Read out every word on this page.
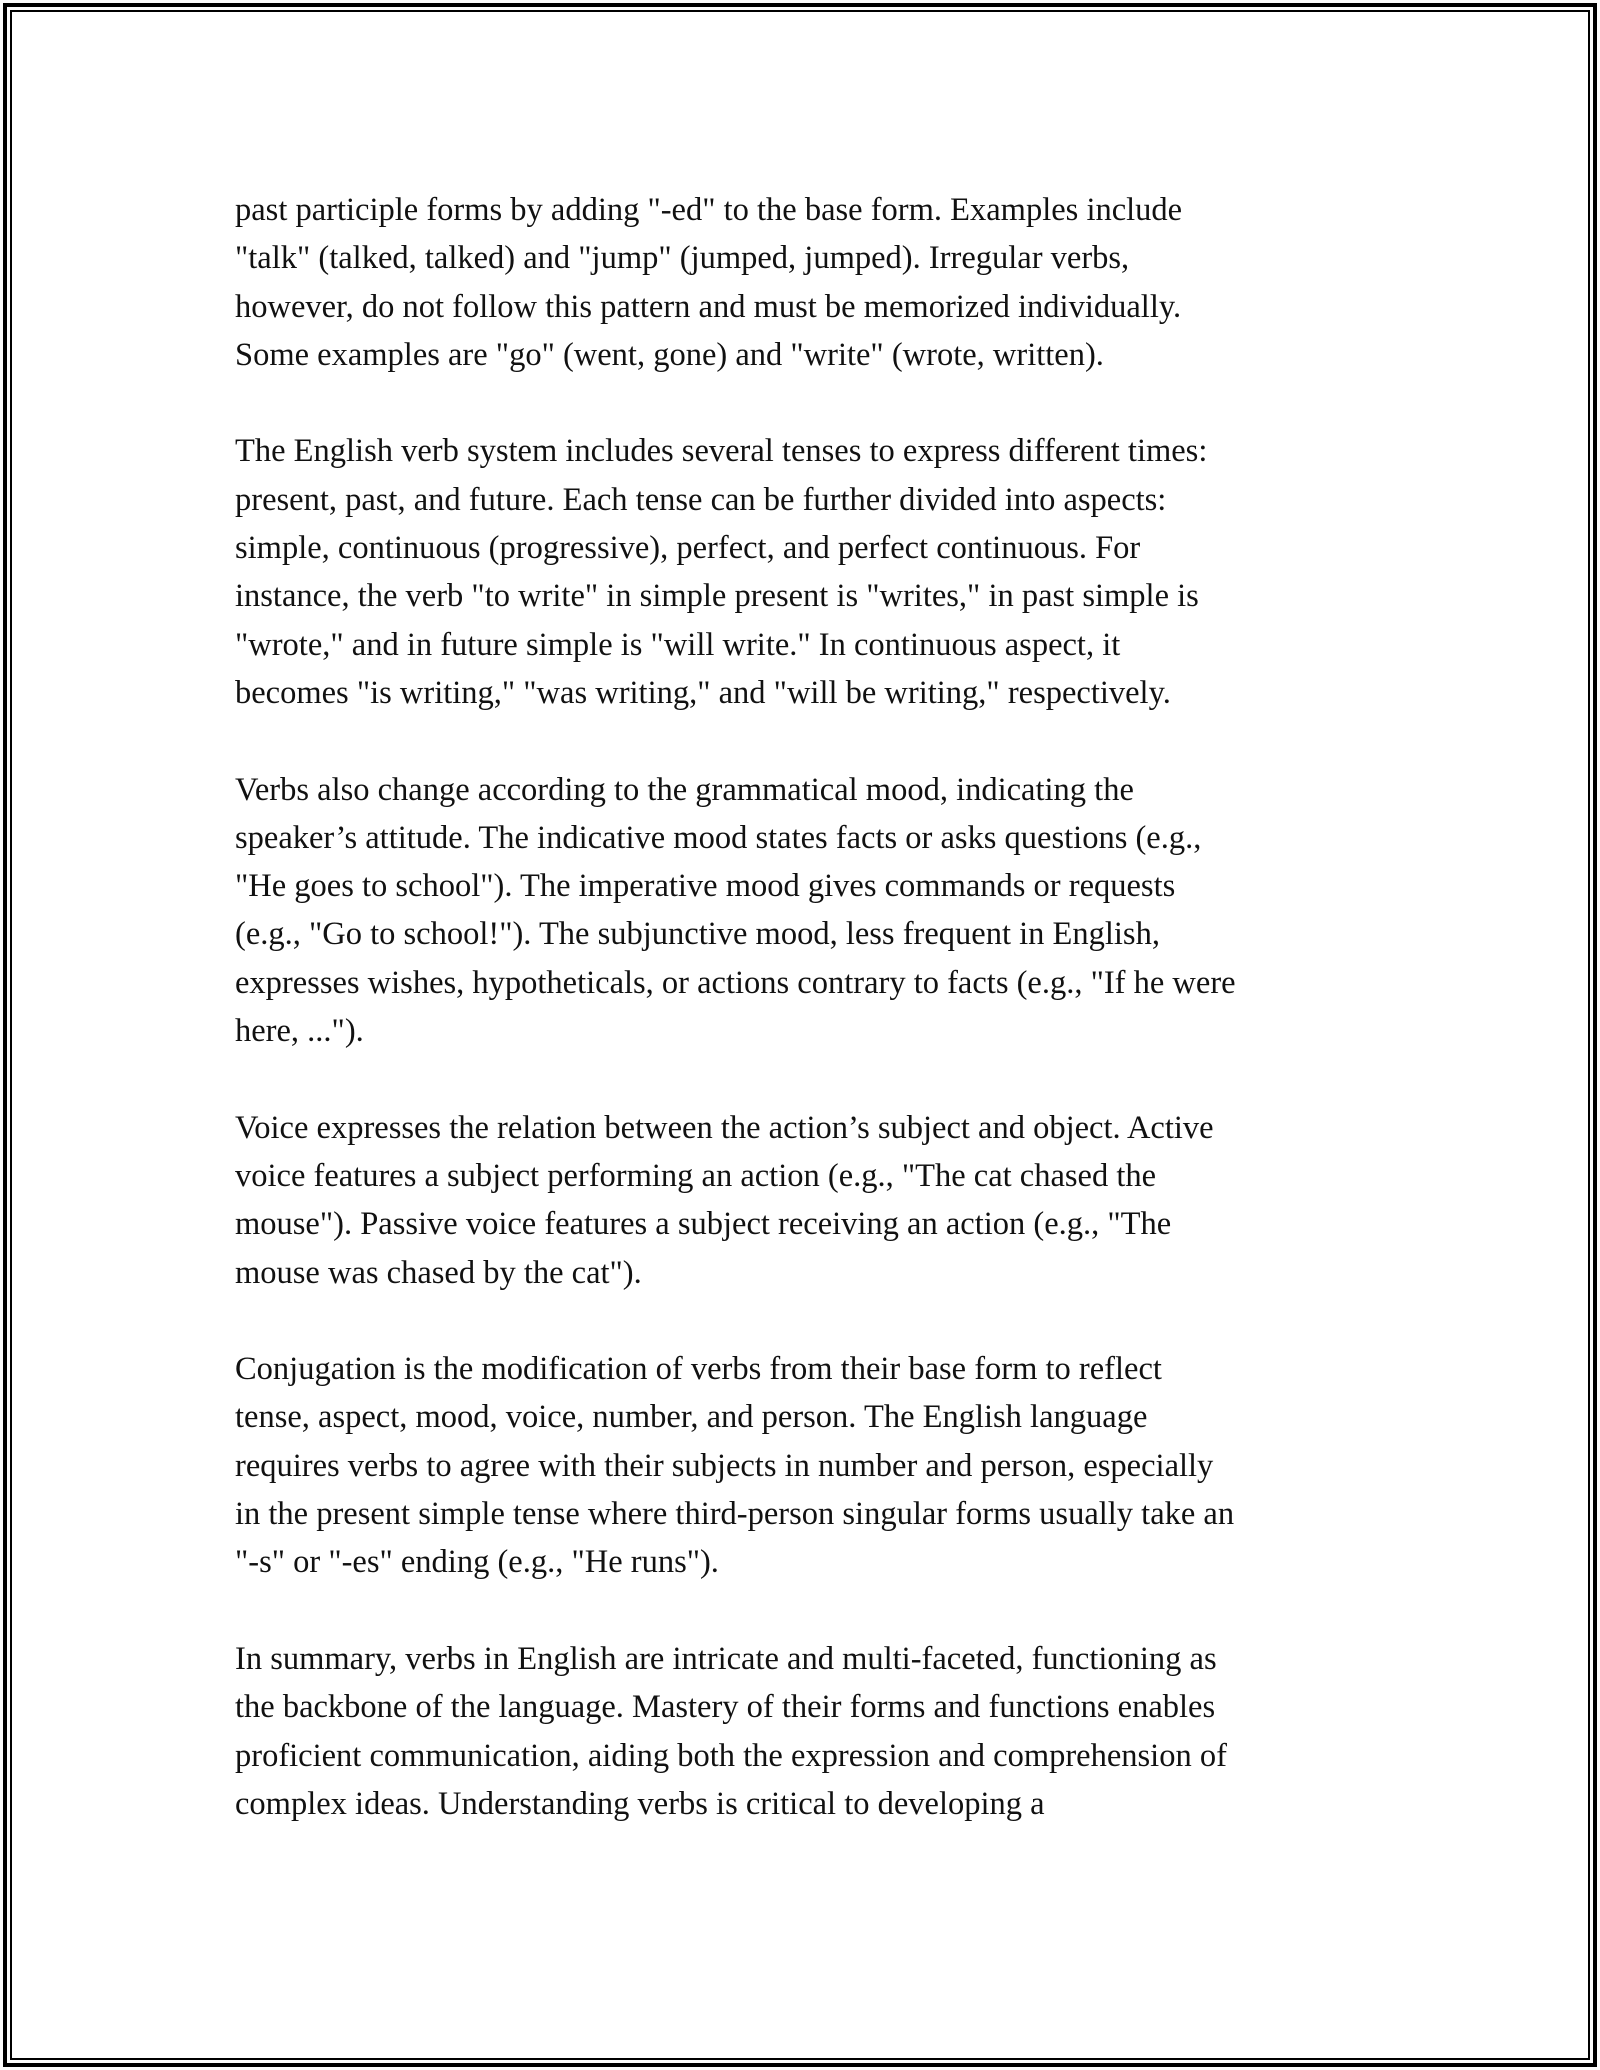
past participle forms by adding "-ed" to the base form. Examples include
"talk" (talked, talked) and "jump" (jumped, jumped). Irregular verbs,
however, do not follow this pattern and must be memorized individually.
Some examples are "go" (went, gone) and "write" (wrote, written).

The English verb system includes several tenses to express different times:
present, past, and future. Each tense can be further divided into aspects:
simple, continuous (progressive), perfect, and perfect continuous. For
instance, the verb "to write" in simple present is "writes," in past simple is
"wrote," and in future simple is "will write." In continuous aspect, it
becomes "is writing," "was writing," and "will be writing," respectively.

Verbs also change according to the grammatical mood, indicating the
speaker’s attitude. The indicative mood states facts or asks questions (e.g.,
"He goes to school"). The imperative mood gives commands or requests
(e.g., "Go to school!"). The subjunctive mood, less frequent in English,
expresses wishes, hypotheticals, or actions contrary to facts (e.g., "If he were
here, ...").

Voice expresses the relation between the action’s subject and object. Active
voice features a subject performing an action (e.g., "The cat chased the
mouse"). Passive voice features a subject receiving an action (e.g., "The
mouse was chased by the cat").

Conjugation is the modification of verbs from their base form to reflect
tense, aspect, mood, voice, number, and person. The English language
requires verbs to agree with their subjects in number and person, especially
in the present simple tense where third-person singular forms usually take an
"-s" or "-es" ending (e.g., "He runs").

In summary, verbs in English are intricate and multi-faceted, functioning as
the backbone of the language. Mastery of their forms and functions enables
proficient communication, aiding both the expression and comprehension of
complex ideas. Understanding verbs is critical to developing a
